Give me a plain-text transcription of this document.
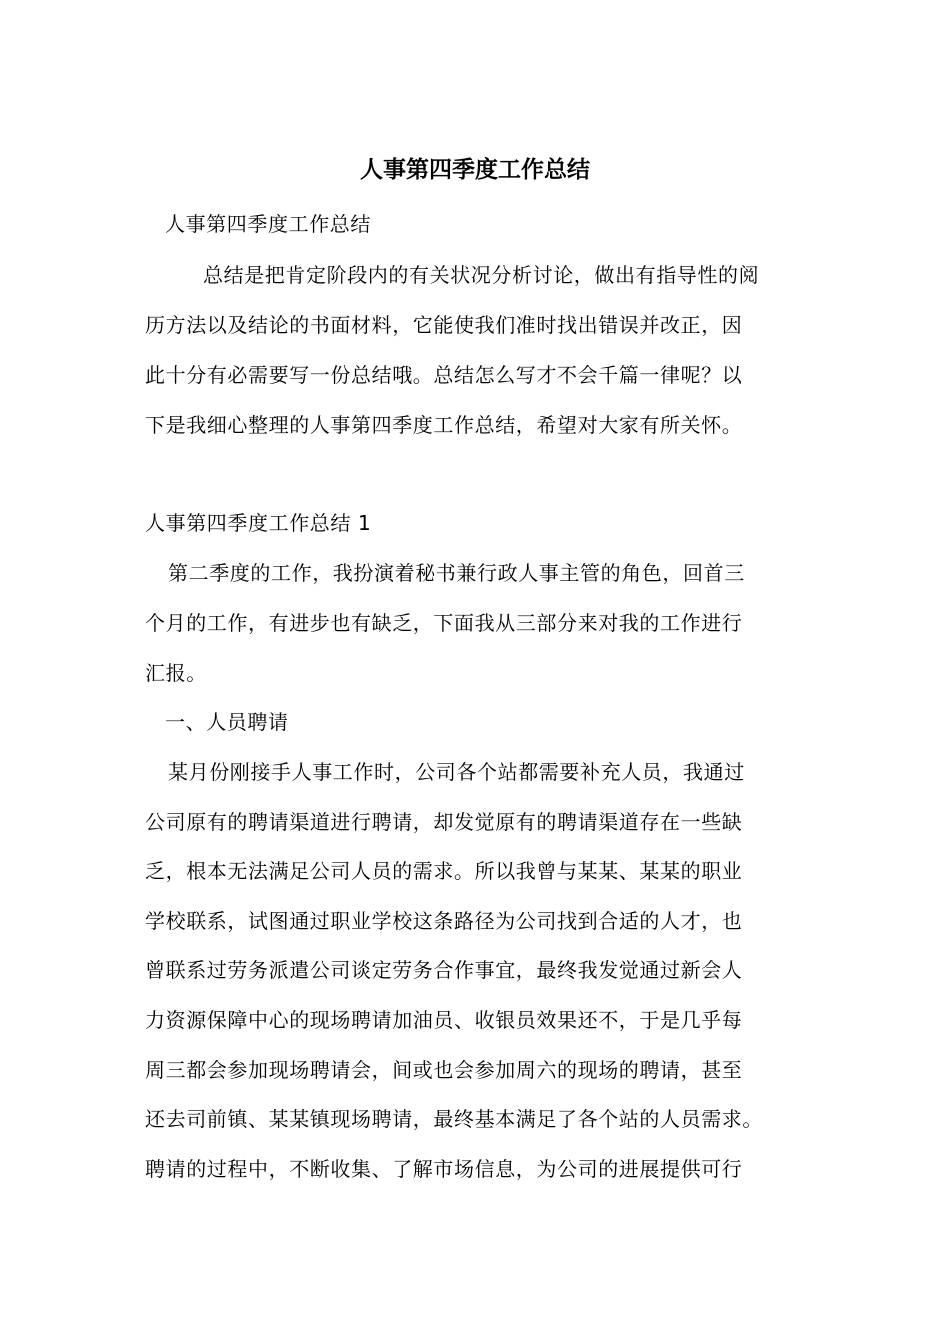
人事第四季度工作总结
人事第四季度工作总结
总结是把肯定阶段内的有关状况分析讨论，做出有指导性的阅
历方法以及结论的书面材料，它能使我们准时找出错误并改正，因
此十分有必需要写一份总结哦。总结怎么写才不会千篇一律呢？以
下是我细心整理的人事第四季度工作总结，希望对大家有所关怀。
人事第四季度工作总结 1
第二季度的工作，我扮演着秘书兼行政人事主管的角色，回首三
个月的工作，有进步也有缺乏，下面我从三部分来对我的工作进行
汇报。
一、人员聘请
某月份刚接手人事工作时，公司各个站都需要补充人员，我通过
公司原有的聘请渠道进行聘请，却发觉原有的聘请渠道存在一些缺
乏，根本无法满足公司人员的需求。所以我曾与某某、某某的职业
学校联系，试图通过职业学校这条路径为公司找到合适的人才，也
曾联系过劳务派遣公司谈定劳务合作事宜，最终我发觉通过新会人
力资源保障中心的现场聘请加油员、收银员效果还不，于是几乎每
周三都会参加现场聘请会，间或也会参加周六的现场的聘请，甚至
还去司前镇、某某镇现场聘请，最终基本满足了各个站的人员需求。
聘请的过程中，不断收集、了解市场信息，为公司的进展提供可行
